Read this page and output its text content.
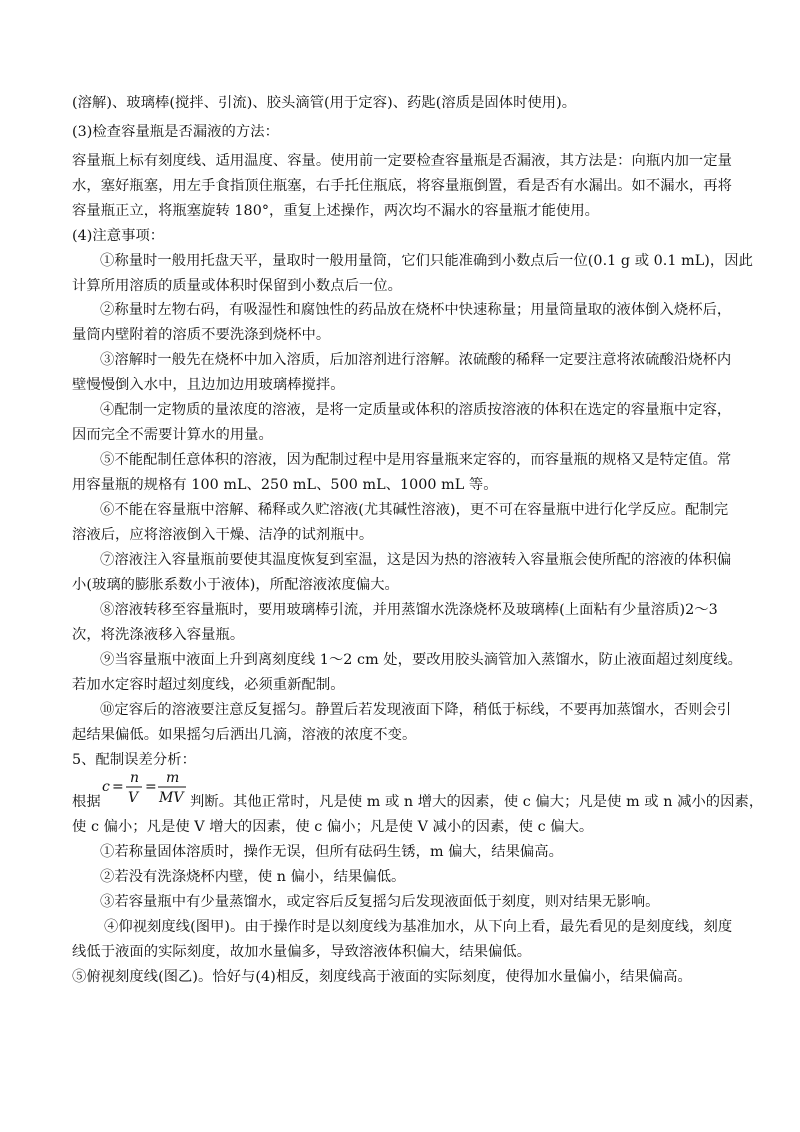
(溶解)、玻璃棒(搅拌、引流)、胶头滴管(用于定容)、药匙(溶质是固体时使用)。
(3)检查容量瓶是否漏液的方法：
容量瓶上标有刻度线、适用温度、容量。使用前一定要检查容量瓶是否漏液，其方法是：向瓶内加一定量
水，塞好瓶塞，用左手食指顶住瓶塞，右手托住瓶底，将容量瓶倒置，看是否有水漏出。如不漏水，再将
容量瓶正立，将瓶塞旋转 180°，重复上述操作，两次均不漏水的容量瓶才能使用。
(4)注意事项：
①称量时一般用托盘天平，量取时一般用量筒，它们只能准确到小数点后一位(0.1 g 或 0.1 mL)，因此
计算所用溶质的质量或体积时保留到小数点后一位。
②称量时左物右码，有吸湿性和腐蚀性的药品放在烧杯中快速称量；用量筒量取的液体倒入烧杯后，
量筒内壁附着的溶质不要洗涤到烧杯中。
③溶解时一般先在烧杯中加入溶质，后加溶剂进行溶解。浓硫酸的稀释一定要注意将浓硫酸沿烧杯内
壁慢慢倒入水中，且边加边用玻璃棒搅拌。
④配制一定物质的量浓度的溶液，是将一定质量或体积的溶质按溶液的体积在选定的容量瓶中定容，
因而完全不需要计算水的用量。
⑤不能配制任意体积的溶液，因为配制过程中是用容量瓶来定容的，而容量瓶的规格又是特定值。常
用容量瓶的规格有 100 mL、250 mL、500 mL、1000 mL 等。
⑥不能在容量瓶中溶解、稀释或久贮溶液(尤其碱性溶液)，更不可在容量瓶中进行化学反应。配制完
溶液后，应将溶液倒入干燥、洁净的试剂瓶中。
⑦溶液注入容量瓶前要使其温度恢复到室温，这是因为热的溶液转入容量瓶会使所配的溶液的体积偏
小(玻璃的膨胀系数小于液体)，所配溶液浓度偏大。
⑧溶液转移至容量瓶时，要用玻璃棒引流，并用蒸馏水洗涤烧杯及玻璃棒(上面粘有少量溶质)2～3
次，将洗涤液移入容量瓶。
⑨当容量瓶中液面上升到离刻度线 1～2 cm 处，要改用胶头滴管加入蒸馏水，防止液面超过刻度线。
若加水定容时超过刻度线，必须重新配制。
⑩定容后的溶液要注意反复摇匀。静置后若发现液面下降，稍低于标线，不要再加蒸馏水，否则会引
起结果偏低。如果摇匀后洒出几滴，溶液的浓度不变。
5、配制误差分析：
根据
c =
n
V
=
m
MV 判断。其他正常时，凡是使 m 或 n 增大的因素，使 c 偏大；凡是使 m 或 n 减小的因素，
使 c 偏小；凡是使 V 增大的因素，使 c 偏小；凡是使 V 减小的因素，使 c 偏大。
①若称量固体溶质时，操作无误，但所有砝码生锈，m 偏大，结果偏高。
②若没有洗涤烧杯内壁，使 n 偏小，结果偏低。
③若容量瓶中有少量蒸馏水，或定容后反复摇匀后发现液面低于刻度，则对结果无影响。
④仰视刻度线(图甲)。由于操作时是以刻度线为基准加水，从下向上看，最先看见的是刻度线，刻度
线低于液面的实际刻度，故加水量偏多，导致溶液体积偏大，结果偏低。
⑤俯视刻度线(图乙)。恰好与(4)相反，刻度线高于液面的实际刻度，使得加水量偏小，结果偏高。
